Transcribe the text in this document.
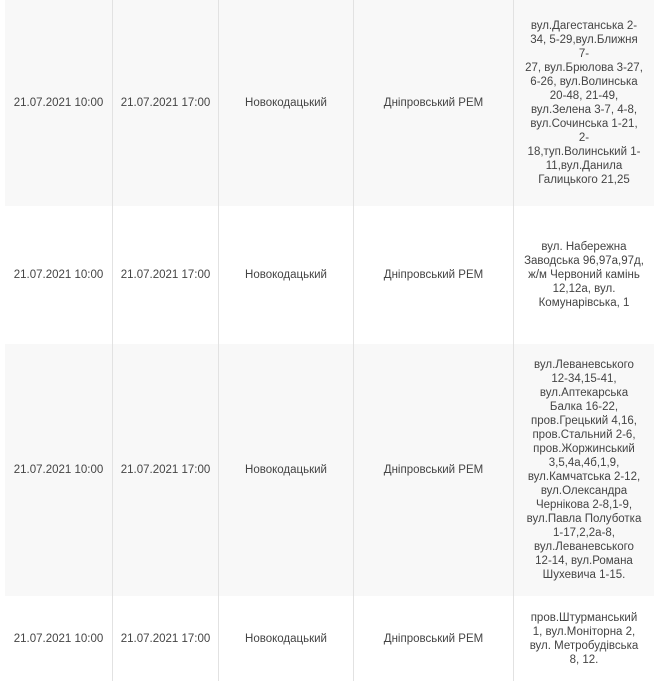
21.07.2021 10:00	21.07.2021 17:00	Новокодацький	Дніпровський РЕМ
вул.Дагестанська 2-
34, 5-29,вул.Ближня 7-
27, вул.Брюлова 3-27,
6-26, вул.Волинська
20-48, 21-49,
вул.Зелена 3-7, 4-8,
вул.Сочинська 1-21, 2-
18,туп.Волинський 1-
11,вул.Данила
Галицького 21,25
21.07.2021 10:00	21.07.2021 17:00	Новокодацький	Дніпровський РЕМ
вул. Набережна
Заводська 96,97а,97д,
ж/м Червоний камінь
12,12а, вул.
Комунарівська, 1
21.07.2021 10:00	21.07.2021 17:00	Новокодацький	Дніпровський РЕМ
вул.Леваневського
12-34,15-41,
вул.Аптекарська
Балка 16-22,
пров.Грецький 4,16,
пров.Стальний 2-6,
пров.Жоржинський
3,5,4а,4б,1,9,
вул.Камчатська 2-12,
вул.Олександра
Чернікова 2-8,1-9,
вул.Павла Полуботка
1-17,2,2а-8,
вул.Леваневського
12-14, вул.Романа
Шухевича 1-15.
21.07.2021 10:00	21.07.2021 17:00	Новокодацький	Дніпровський РЕМ
пров.Штурманський
1, вул.Моніторна 2,
вул. Метробудівська
8, 12.
